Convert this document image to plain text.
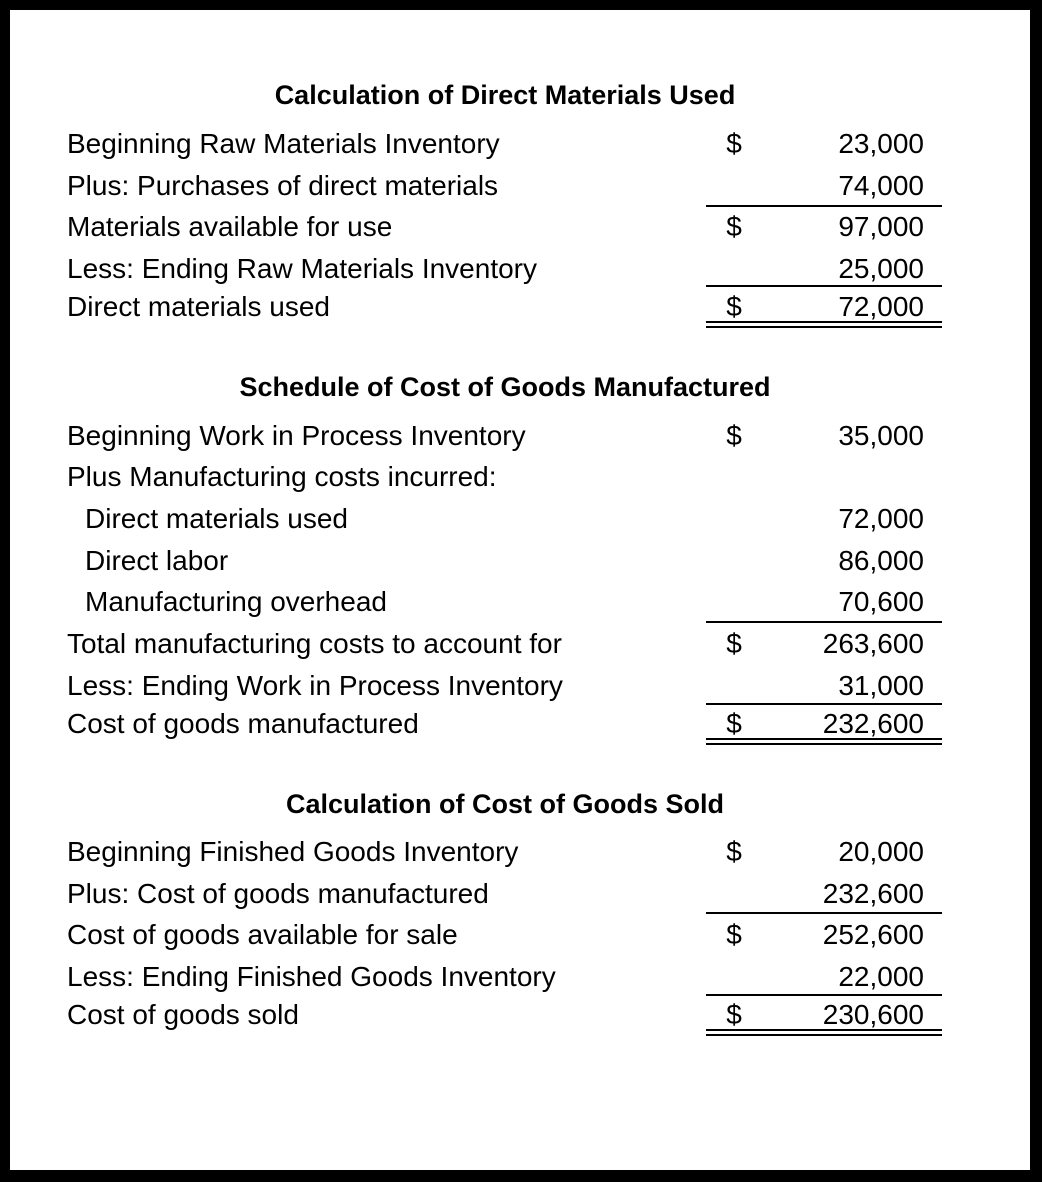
Calculation of Direct Materials Used
Beginning Raw Materials Inventory	$	23,000
Plus: Purchases of direct materials	74,000
Materials available for use	$	97,000
Less: Ending Raw Materials Inventory	25,000
Direct materials used	$	72,000
Schedule of Cost of Goods Manufactured
Beginning Work in Process Inventory	$	35,000
Plus Manufacturing costs incurred:
Direct materials used	72,000
Direct labor	86,000
Manufacturing overhead	70,600
Total manufacturing costs to account for	$	263,600
Less: Ending Work in Process Inventory	31,000
Cost of goods manufactured	$	232,600
Calculation of Cost of Goods Sold
Beginning Finished Goods Inventory	$	20,000
Plus: Cost of goods manufactured	232,600
Cost of goods available for sale	$	252,600
Less: Ending Finished Goods Inventory	22,000
Cost of goods sold	$	230,600
